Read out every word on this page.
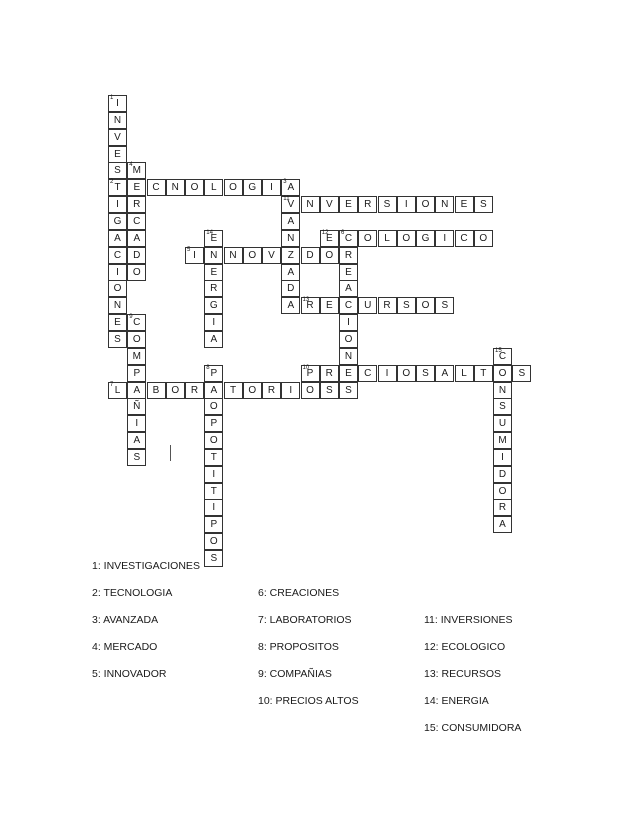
1 I
N
V
E
S
2 T
I
G
A
C
I
O
N
E
S
E	C	N	O	L	O	G	I	3 A
11
V
A
N
Z
A
D
A
4 M
R
C
A
D
O
5 I	N	N	O	V	D	O	R
6 C
E
A
C
I
O
N
E
S
7 L	A	B	O	R	A	T	O	R	I	O	S
8 P
O
P
O
T
I
T
I
P
O
S
9 C
O
M
P
Ñ
I
A
S
10
P	R	C	I	O	S	A	L	T	O	S
N	V	E	R	S	I	O	N	E	S
12
E	O	L	O	G	I	C	O
13
R	E	U	R	S	O	S
14
E
E
R
G
I
A
15
C
N
S
U
M
I
D
O
R
A
1: INVESTIGACIONES
2: TECNOLOGIA
3: AVANZADA
4: MERCADO
5: INNOVADOR
6: CREACIONES
7: LABORATORIOS
8: PROPOSITOS
9: COMPAÑIAS
10: PRECIOS ALTOS
11: INVERSIONES
12: ECOLOGICO
13: RECURSOS
14: ENERGIA
15: CONSUMIDORA
